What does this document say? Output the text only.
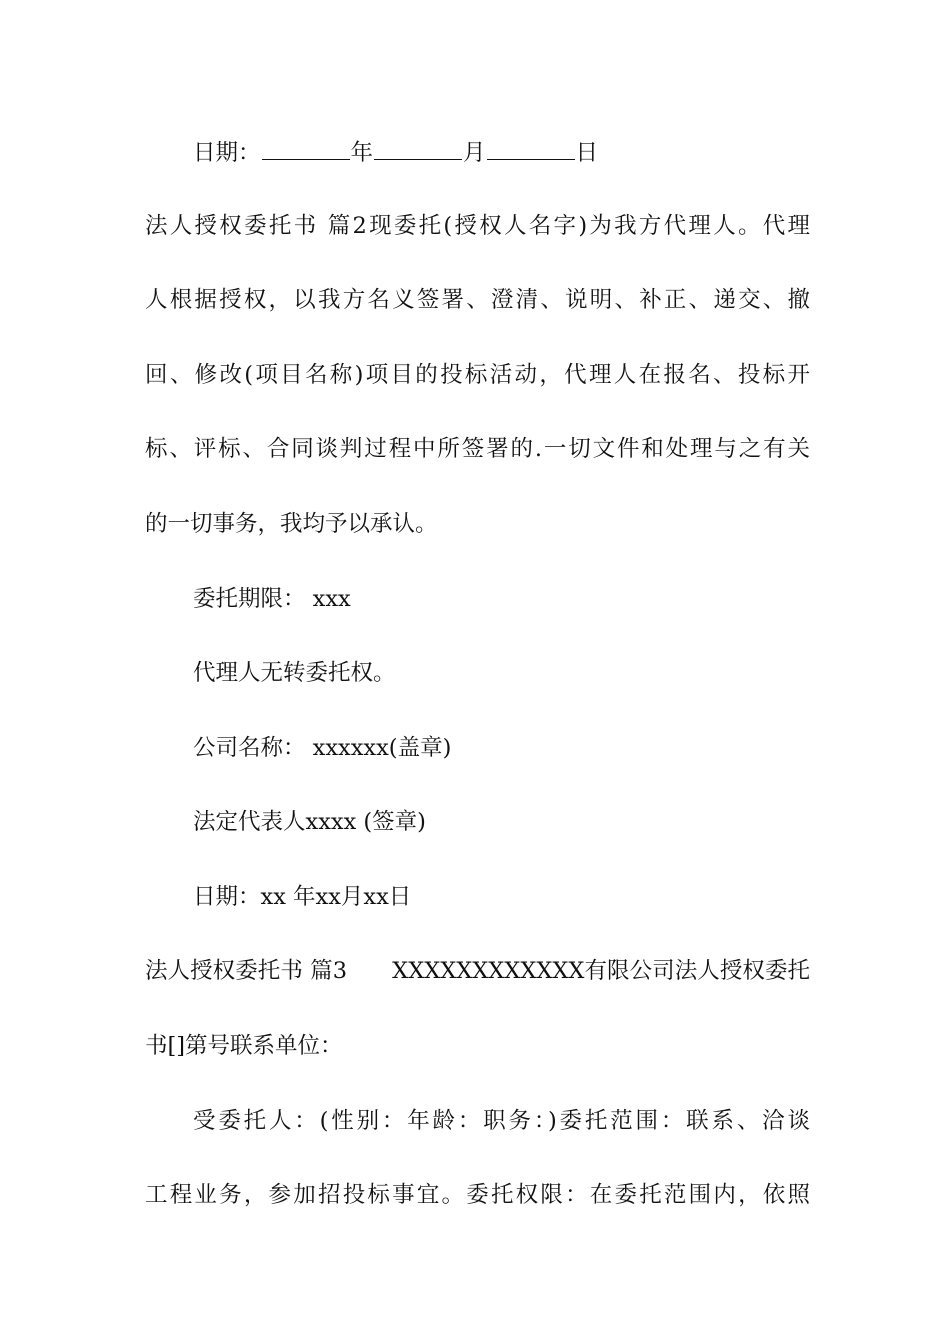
日期：	年	月	日
法人授权委托书 篇2现委托(授权人名字)为我方代理人。代理
人根据授权，以我方名义签署、澄清、说明、补正、递交、撤
回、修改(项目名称)项目的投标活动，代理人在报名、投标开
标、评标、合同谈判过程中所签署的.一切文件和处理与之有关
的一切事务，我均予以承认。
委托期限： xxx
代理人无转委托权。
公司名称： xxxxxx(盖章)
法定代表人xxxx (签章)
日期：xx 年xx月xx日
法人授权委托书 篇3　　XXXXXXXXXXXX有限公司法人授权委托
书[]第号联系单位：
受委托人：(性别：年龄：职务：)委托范围：联系、洽谈
工程业务，参加招投标事宜。委托权限：在委托范围内，依照
